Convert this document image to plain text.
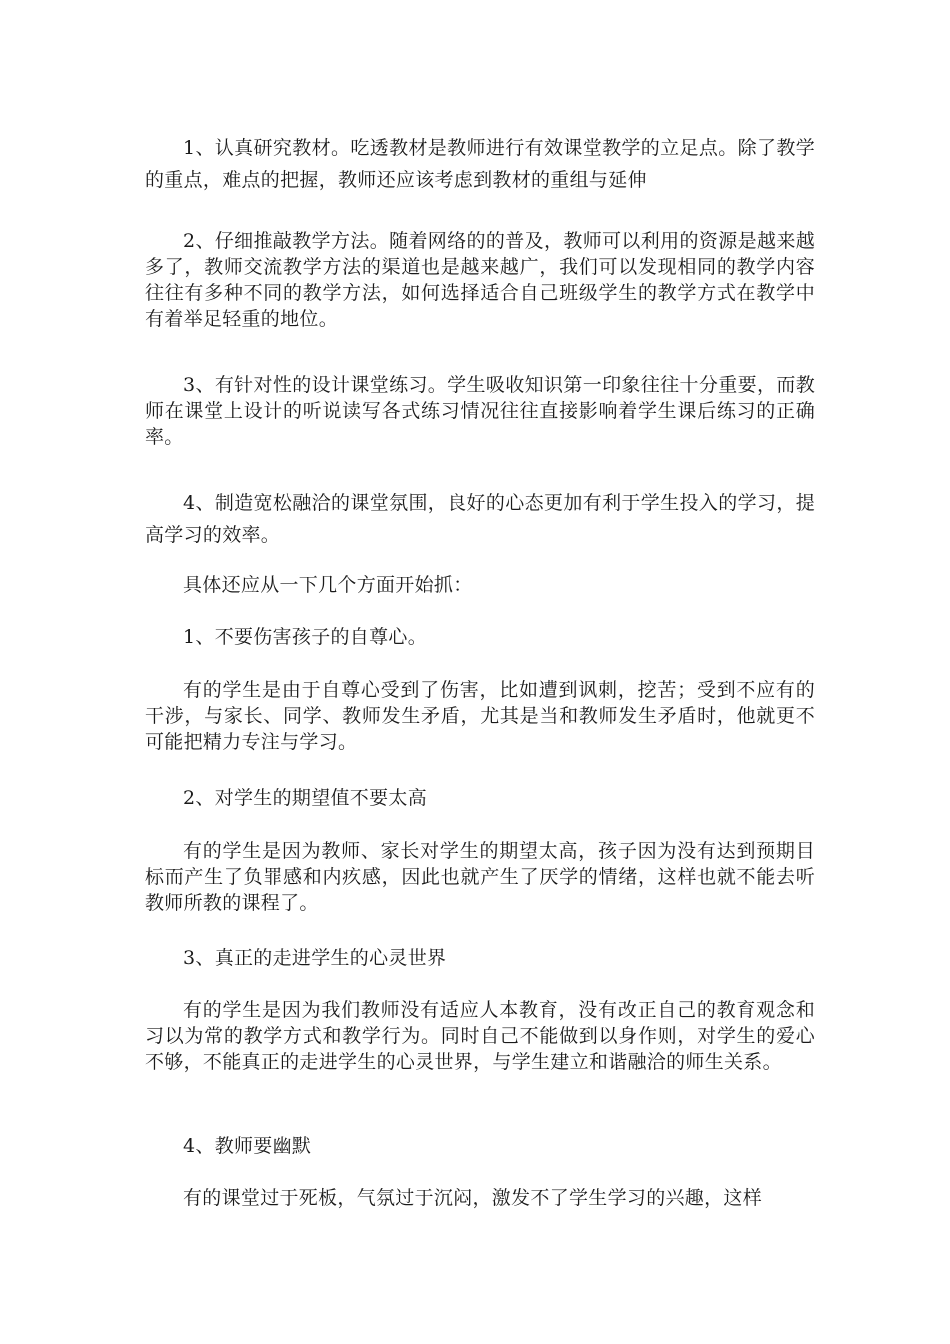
1、认真研究教材。吃透教材是教师进行有效课堂教学的立足点。除了教学的重点，难点的把握，教师还应该考虑到教材的重组与延伸

2、仔细推敲教学方法。随着网络的的普及，教师可以利用的资源是越来越多了，教师交流教学方法的渠道也是越来越广，我们可以发现相同的教学内容往往有多种不同的教学方法，如何选择适合自己班级学生的教学方式在教学中有着举足轻重的地位。

3、有针对性的设计课堂练习。学生吸收知识第一印象往往十分重要，而教师在课堂上设计的听说读写各式练习情况往往直接影响着学生课后练习的正确率。

4、制造宽松融洽的课堂氛围，良好的心态更加有利于学生投入的学习，提高学习的效率。

具体还应从一下几个方面开始抓：

1、不要伤害孩子的自尊心。

有的学生是由于自尊心受到了伤害，比如遭到讽刺，挖苦；受到不应有的干涉，与家长、同学、教师发生矛盾，尤其是当和教师发生矛盾时，他就更不可能把精力专注与学习。

2、对学生的期望值不要太高

有的学生是因为教师、家长对学生的期望太高，孩子因为没有达到预期目标而产生了负罪感和内疚感，因此也就产生了厌学的情绪，这样也就不能去听教师所教的课程了。

3、真正的走进学生的心灵世界

有的学生是因为我们教师没有适应人本教育，没有改正自己的教育观念和习以为常的教学方式和教学行为。同时自己不能做到以身作则，对学生的爱心不够，不能真正的走进学生的心灵世界，与学生建立和谐融洽的师生关系。

4、教师要幽默

有的课堂过于死板，气氛过于沉闷，激发不了学生学习的兴趣，这样
